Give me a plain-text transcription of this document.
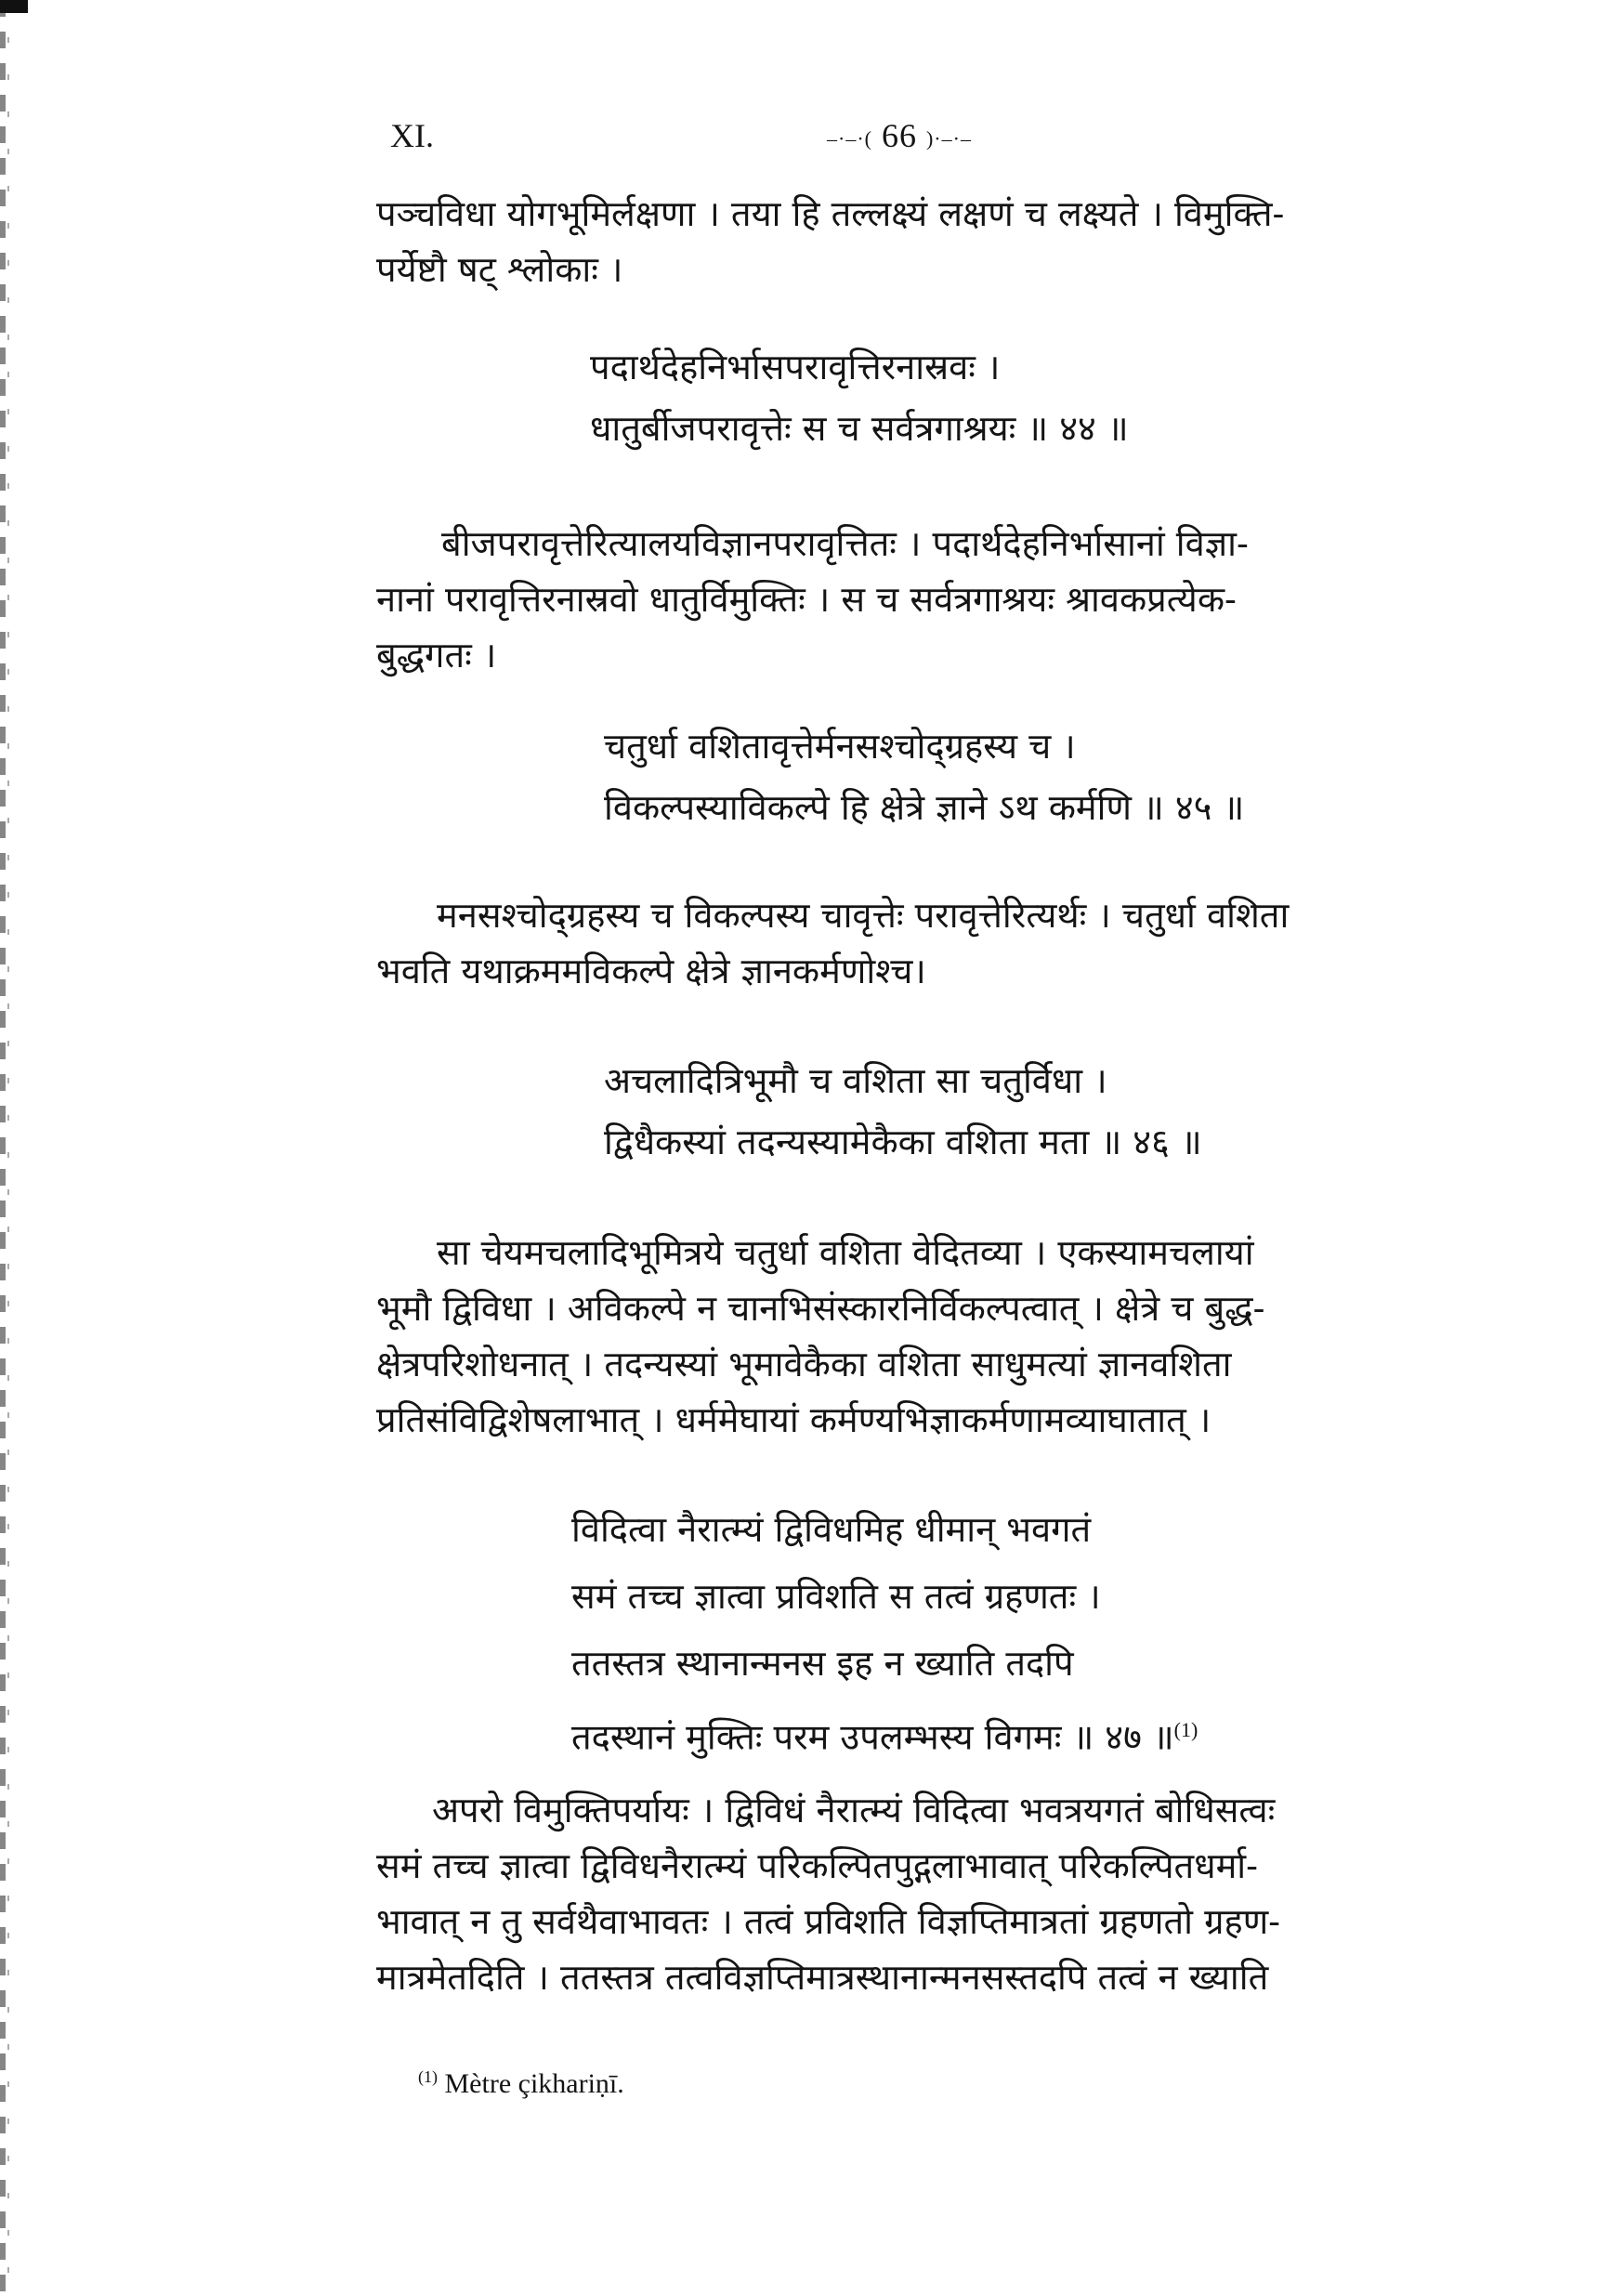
XI.	–·–·( 66 )·–·–
पञ्चविधा योगभूमिर्लक्षणा । तया हि तल्लक्ष्यं लक्षणं च लक्ष्यते । विमुक्ति-
पर्येष्टौ षट् श्लोकाः ।
पदार्थदेहनिर्भासपरावृत्तिरनास्रवः ।
धातुर्बीजपरावृत्तेः स च सर्वत्रगाश्रयः ॥ ४४ ॥
बीजपरावृत्तेरित्यालयविज्ञानपरावृत्तितः । पदार्थदेहनिर्भासानां विज्ञा-
नानां परावृत्तिरनास्रवो धातुर्विमुक्तिः । स च सर्वत्रगाश्रयः श्रावकप्रत्येक-
बुद्धगतः ।
चतुर्धा वशितावृत्तेर्मनसश्चोद्ग्रहस्य च ।
विकल्पस्याविकल्पे हि क्षेत्रे ज्ञाने ऽथ कर्मणि ॥ ४५ ॥
मनसश्चोद्ग्रहस्य च विकल्पस्य चावृत्तेः परावृत्तेरित्यर्थः । चतुर्धा वशिता
भवति यथाक्रममविकल्पे क्षेत्रे ज्ञानकर्मणोश्च।
अचलादित्रिभूमौ च वशिता सा चतुर्विधा ।
द्विधैकस्यां तदन्यस्यामेकैका वशिता मता ॥ ४६ ॥
सा चेयमचलादिभूमित्रये चतुर्धा वशिता वेदितव्या । एकस्यामचलायां
भूमौ द्विविधा । अविकल्पे न चानभिसंस्कारनिर्विकल्पत्वात् । क्षेत्रे च बुद्ध-
क्षेत्रपरिशोधनात् । तदन्यस्यां भूमावेकैका वशिता साधुमत्यां ज्ञानवशिता
प्रतिसंविद्विशेषलाभात् । धर्ममेघायां कर्मण्यभिज्ञाकर्मणामव्याघातात् ।
विदित्वा नैरात्म्यं द्विविधमिह धीमान् भवगतं
समं तच्च ज्ञात्वा प्रविशति स तत्वं ग्रहणतः ।
ततस्तत्र स्थानान्मनस इह न ख्याति तदपि
तदस्थानं मुक्तिः परम उपलम्भस्य विगमः ॥ ४७ ॥$^{(1)}$
अपरो विमुक्तिपर्यायः । द्विविधं नैरात्म्यं विदित्वा भवत्रयगतं बोधिसत्वः
समं तच्च ज्ञात्वा द्विविधनैरात्म्यं परिकल्पितपुद्गलाभावात् परिकल्पितधर्मा-
भावात् न तु सर्वथैवाभावतः । तत्वं प्रविशति विज्ञप्तिमात्रतां ग्रहणतो ग्रहण-
मात्रमेतदिति । ततस्तत्र तत्वविज्ञप्तिमात्रस्थानान्मनसस्तदपि तत्वं न ख्याति
$^{(1)}$ Mètre çikhariṇī.
